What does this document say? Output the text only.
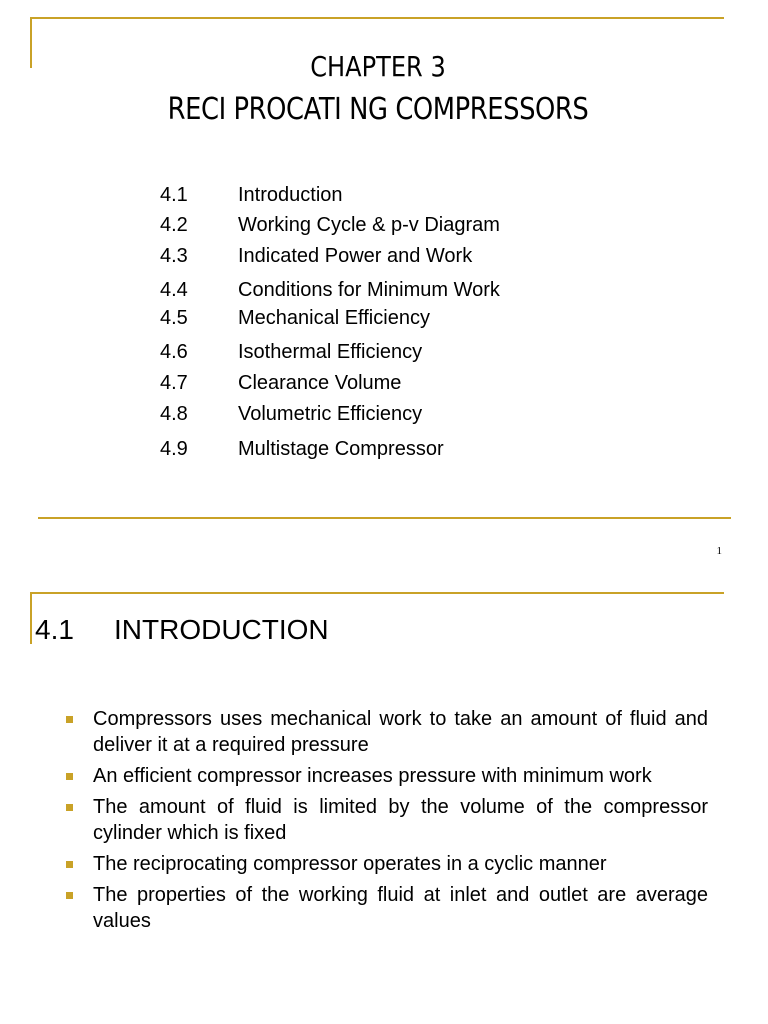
CHAPTER 3
RECI PROCATI NG COMPRESSORS
4.1	Introduction
4.2	Working Cycle & p-v Diagram
4.3	Indicated Power and Work
4.4	Conditions for Minimum Work
4.5	Mechanical Efficiency
4.6	Isothermal Efficiency
4.7	Clearance Volume
4.8	Volumetric Efficiency
4.9	Multistage Compressor
1
4.1 INTRODUCTION
Compressors uses mechanical work to take an amount of fluid and deliver it at a required pressure
An efficient compressor increases pressure with minimum work
The amount of fluid is limited by the volume of the compressor cylinder which is fixed
The reciprocating compressor operates in a cyclic manner
The properties of the working fluid at inlet and outlet are average values
